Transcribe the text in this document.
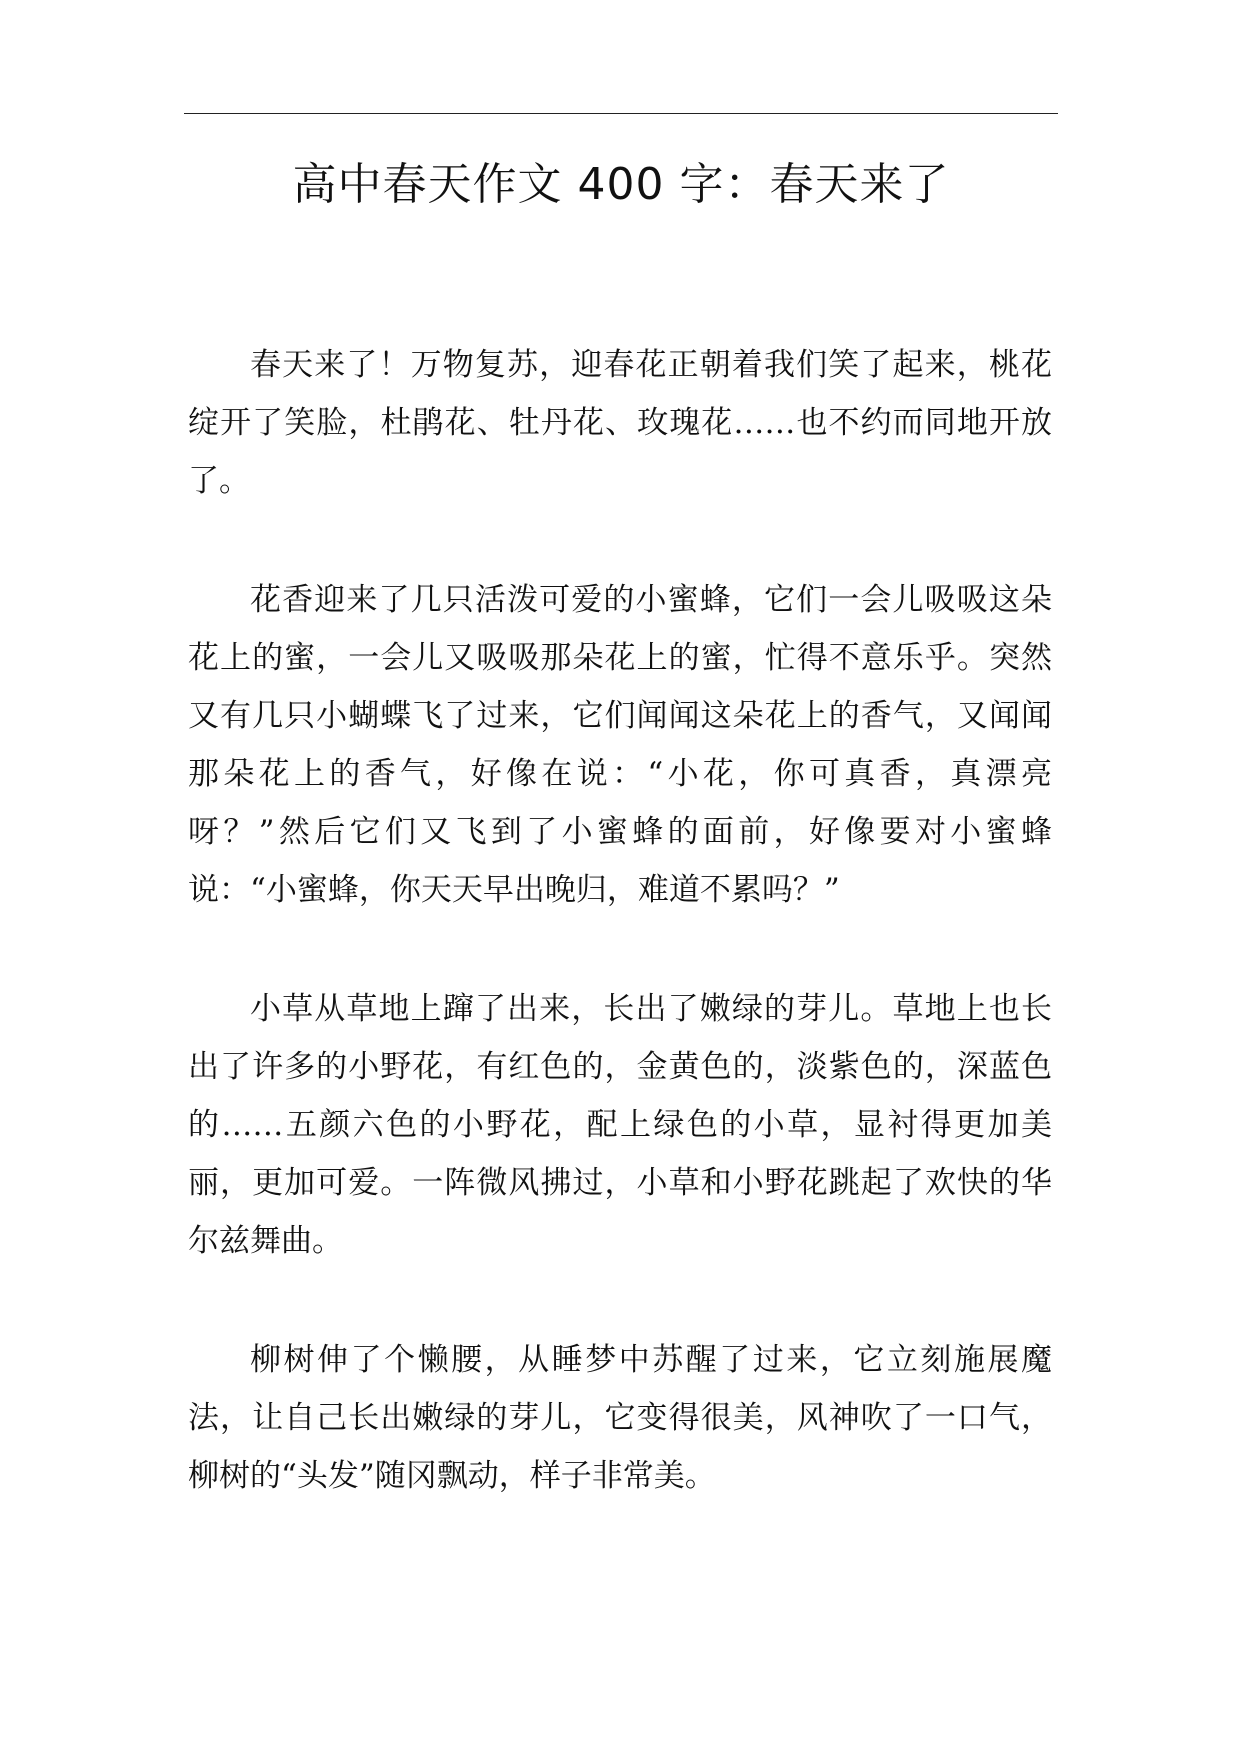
高中春天作文 400 字：春天来了

春天来了！万物复苏，迎春花正朝着我们笑了起来，桃花绽开了笑脸，杜鹃花、牡丹花、玫瑰花……也不约而同地开放了。

花香迎来了几只活泼可爱的小蜜蜂，它们一会儿吸吸这朵花上的蜜，一会儿又吸吸那朵花上的蜜，忙得不意乐乎。突然又有几只小蝴蝶飞了过来，它们闻闻这朵花上的香气，又闻闻那朵花上的香气，好像在说：“小花，你可真香，真漂亮呀？”然后它们又飞到了小蜜蜂的面前，好像要对小蜜蜂说：“小蜜蜂，你天天早出晚归，难道不累吗？”

小草从草地上蹿了出来，长出了嫩绿的芽儿。草地上也长出了许多的小野花，有红色的，金黄色的，淡紫色的，深蓝色的……五颜六色的小野花，配上绿色的小草，显衬得更加美丽，更加可爱。一阵微风拂过，小草和小野花跳起了欢快的华尔兹舞曲。

柳树伸了个懒腰，从睡梦中苏醒了过来，它立刻施展魔法，让自己长出嫩绿的芽儿，它变得很美，风神吹了一口气，柳树的“头发”随冈飘动，样子非常美。
